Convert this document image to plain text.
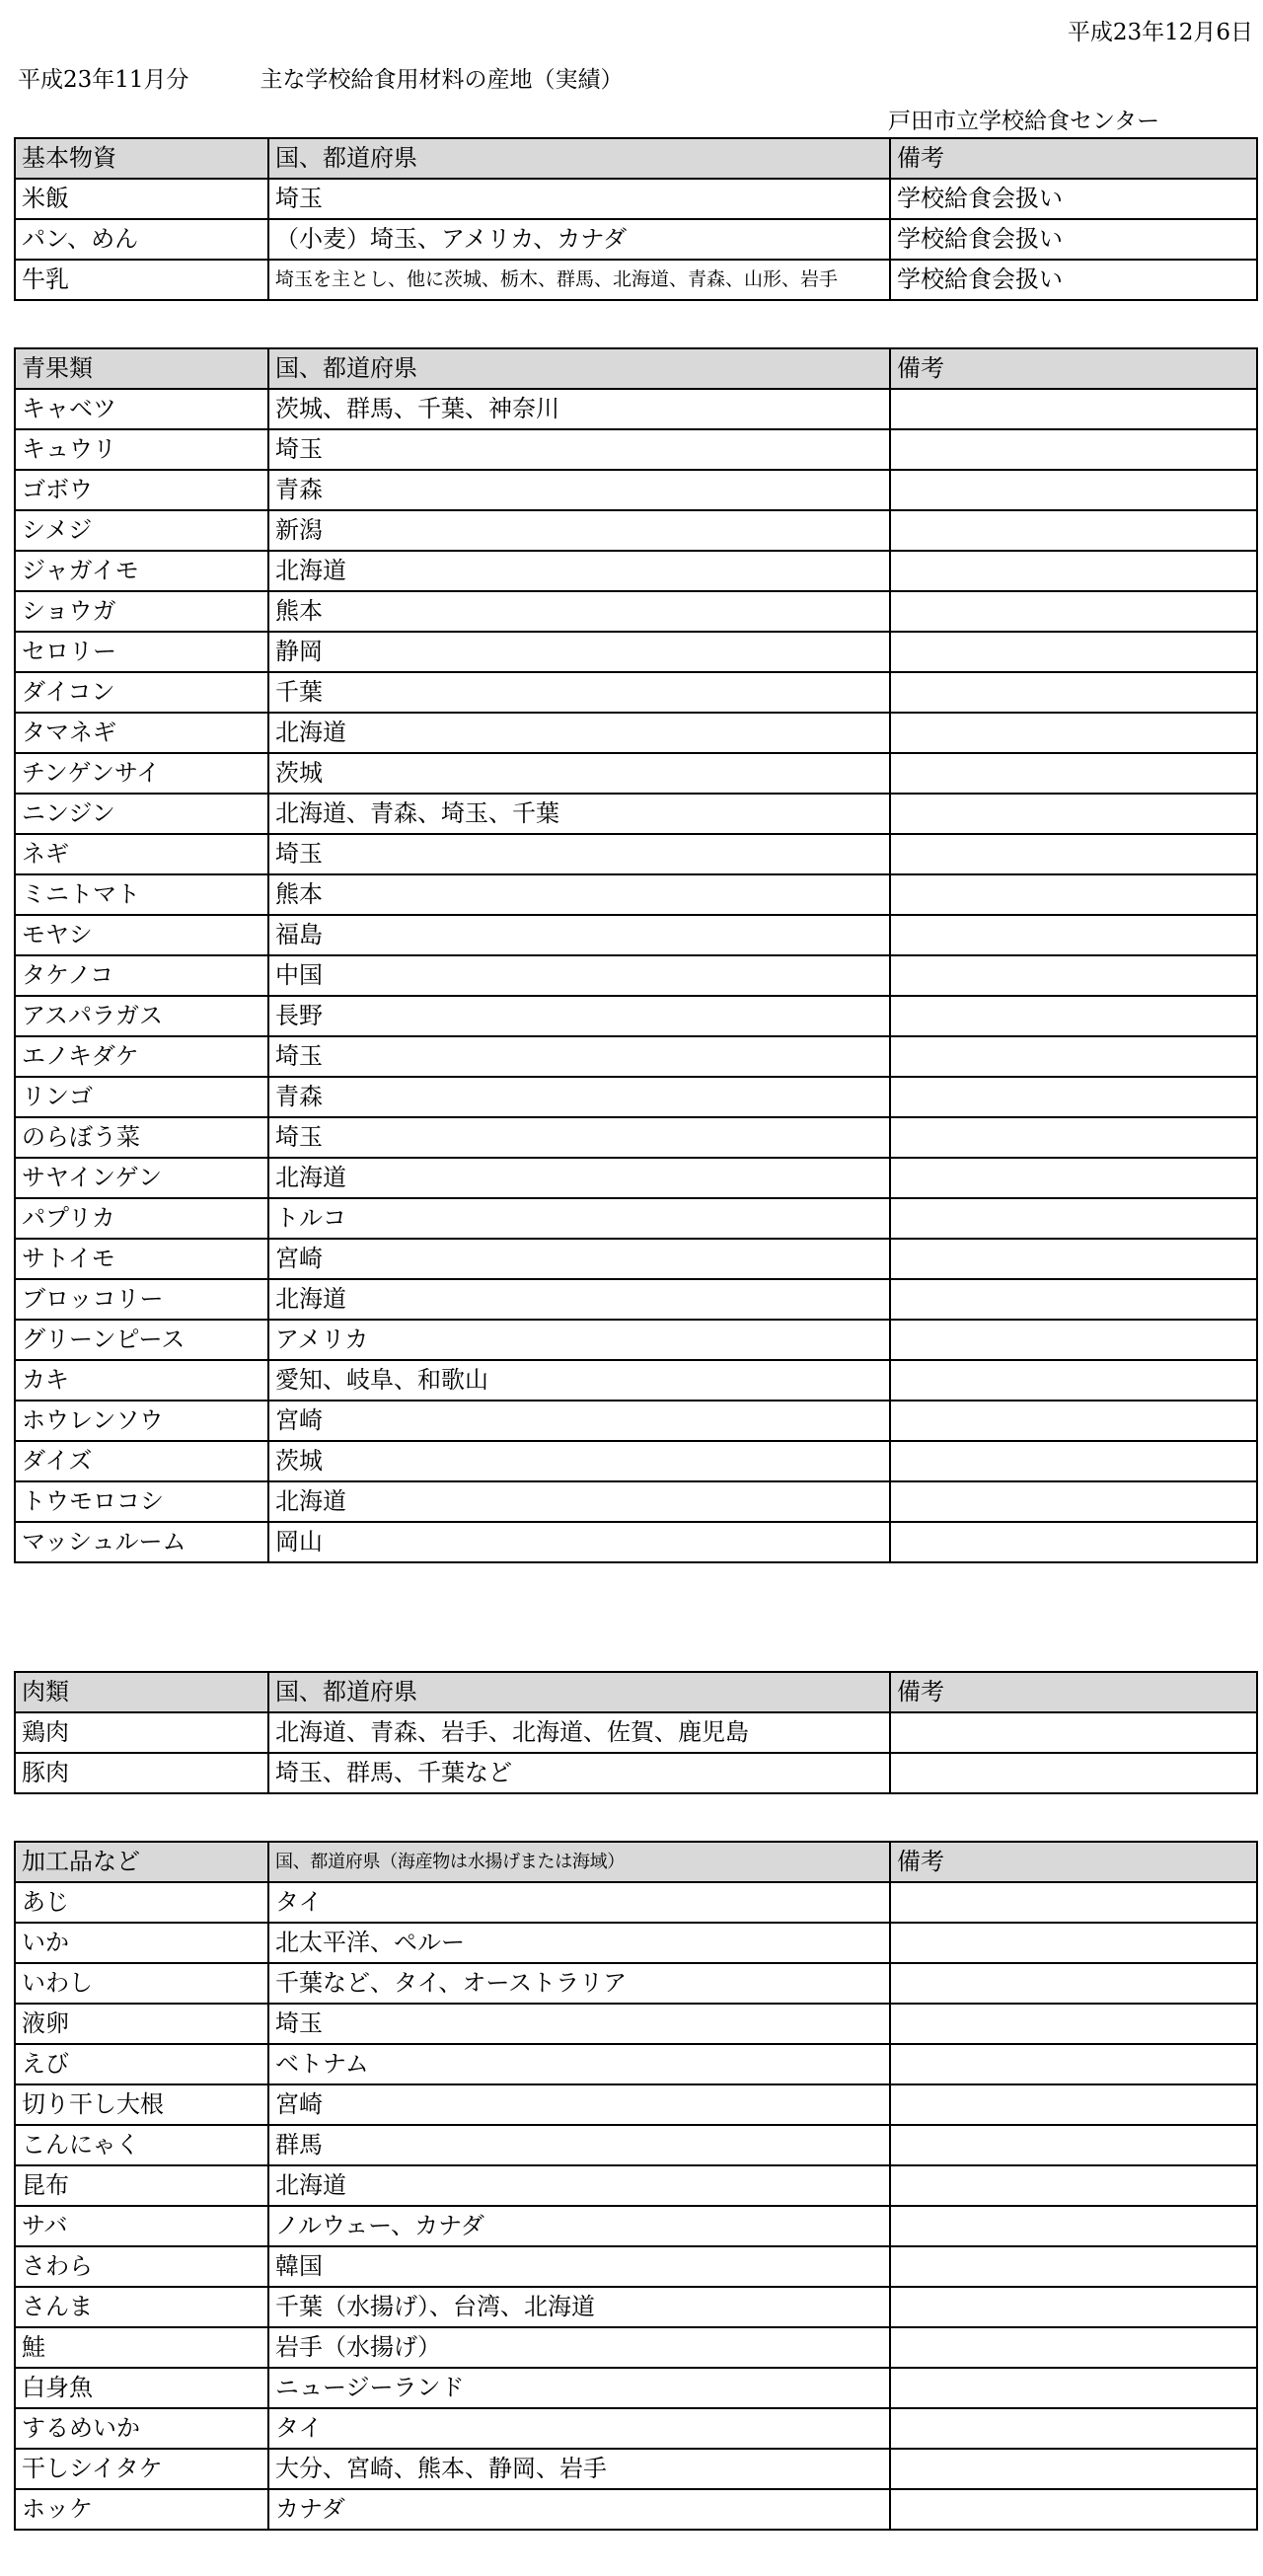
平成23年12月6日
平成23年11月分	主な学校給食用材料の産地（実績）
戸田市立学校給食センター
基本物資	国、都道府県	備考
米飯	埼玉	学校給食会扱い
パン、めん	（小麦）埼玉、アメリカ、カナダ	学校給食会扱い
牛乳	埼玉を主とし、他に茨城、栃木、群馬、北海道、青森、山形、岩手	学校給食会扱い
青果類	国、都道府県	備考
キャベツ	茨城、群馬、千葉、神奈川	
キュウリ	埼玉	
ゴボウ	青森	
シメジ	新潟	
ジャガイモ	北海道	
ショウガ	熊本	
セロリー	静岡	
ダイコン	千葉	
タマネギ	北海道	
チンゲンサイ	茨城	
ニンジン	北海道、青森、埼玉、千葉	
ネギ	埼玉	
ミニトマト	熊本	
モヤシ	福島	
タケノコ	中国	
アスパラガス	長野	
エノキダケ	埼玉	
リンゴ	青森	
のらぼう菜	埼玉	
サヤインゲン	北海道	
パプリカ	トルコ	
サトイモ	宮崎	
ブロッコリー	北海道	
グリーンピース	アメリカ	
カキ	愛知、岐阜、和歌山	
ホウレンソウ	宮崎	
ダイズ	茨城	
トウモロコシ	北海道	
マッシュルーム	岡山	
肉類	国、都道府県	備考
鶏肉	北海道、青森、岩手、北海道、佐賀、鹿児島	
豚肉	埼玉、群馬、千葉など	
加工品など	国、都道府県（海産物は水揚げまたは海域）	備考
あじ	タイ	
いか	北太平洋、ペルー	
いわし	千葉など、タイ、オーストラリア	
液卵	埼玉	
えび	ベトナム	
切り干し大根	宮崎	
こんにゃく	群馬	
昆布	北海道	
サバ	ノルウェー、カナダ	
さわら	韓国	
さんま	千葉（水揚げ）、台湾、北海道	
鮭	岩手（水揚げ）	
白身魚	ニュージーランド	
するめいか	タイ	
干しシイタケ	大分、宮崎、熊本、静岡、岩手	
ホッケ	カナダ	
